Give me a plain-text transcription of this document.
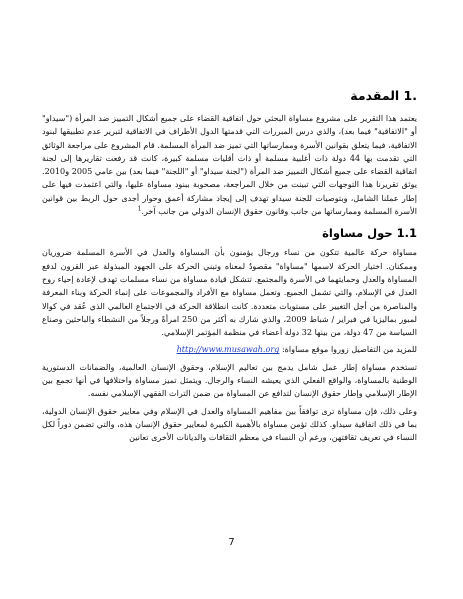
1. المقدمة

يعتمد هذا التقرير على مشروع مساواة البحثي حول اتفاقية القضاء على جميع أشكال التمييز ضد المرأة ("سيداو" أو "الاتفاقية" فيما بعد)، والذي درس المبررات التي قدمتها الدول الأطراف في الاتفاقية لتبرير عدم تطبيقها لبنود الاتفاقية، فيما يتعلق بقوانين الأسرة وممارساتها التي تميز ضد المرأة المسلمة. قام المشروع على مراجعة الوثائق التي تقدمت بها 44 دولة ذات أغلبية مسلمة أو ذات أقليات مسلمة كبيرة، كانت قد رفعت تقاريرها إلى لجنة اتفاقية القضاء على جميع أشكال التمييز ضد المرأة ("لجنة سيداو" أو "اللجنة" فيما بعد) بين عامي 2005 و2010. يوثق تقريرنا هذا التوجهات التي تبينت من خلال المراجعة، مصحوبة ببنود مساواة عليها، والتي اعتمدت فيها على إطار عملنا الشامل، وبتوصيات للجنة سيداو تهدف إلى إيجاد مشاركة أعمق وحوار أجدى حول الربط بين قوانين الأسرة المسلمة وممارساتها من جانب وقانون حقوق الإنسان الدولي من جانب آخر.$^1$

1.1 حول مساواة

مساواة حركة عالمية تتكون من نساء ورجال يؤمنون بأن المساواة والعدل في الأسرة المسلمة ضروريان وممكنان. اختيار الحركة لاسمها "مساواة" مقصودٌ لمعناه وتبني الحركة على الجهود المبذولة عبر القرون لدفع المساواة والعدل وحمايتهما في الأسرة والمجتمع. تتشكل قيادة مساواة من نساء مسلمات تهدف لإعادة إحياء روح العدل في الإسلام، والتي تشمل الجميع. وتعمل مساواة مع الأفراد والمجموعات على إنماء الحركة وبناء المعرفة والمناصرة من أجل التغيير على مستويات متعددة. كانت انطلاقة الحركة في الاجتماع العالمي الذي عُقد في كوالا لمبور بماليزيا في فبراير / شباط 2009، والذي شارك به أكثر من 250 امرأةً ورجلاً من النشطاء والباحثين وصناع السياسة من 47 دولة، من بينها 32 دولة أعضاء في منظمة المؤتمر الإسلامي.

للمزيد من التفاصيل زوروا موقع مساواة: http://www.musawah.org

تستخدم مساواة إطار عمل شامل يدمج بين تعاليم الإسلام، وحقوق الإنسان العالمية، والضمانات الدستورية الوطنية بالمساواة، والواقع الفعلي الذي يعيشه النساء والرجال. ويتمثل تميز مساواة واختلافها في أنها تجمع بين الإطار الإسلامي وإطار حقوق الإنسان لتدافع عن المساواة من ضمن التراث الفقهي الإسلامي نفسه.

وعلى ذلك، فإن مساواة ترى توافقاً بين مفاهيم المساواة والعدل في الإسلام وفي معايير حقوق الإنسان الدولية، بما في ذلك اتفاقية سيداو. كذلك تؤمن مساواة بالأهمية الكبيرة لمعايير حقوق الإنسان هذه، والتي تضمن دوراً لكل النساء في تعريف ثقافتهن، ورغم أن النساء في معظم الثقافات والديانات الأخرى تعانين

7
